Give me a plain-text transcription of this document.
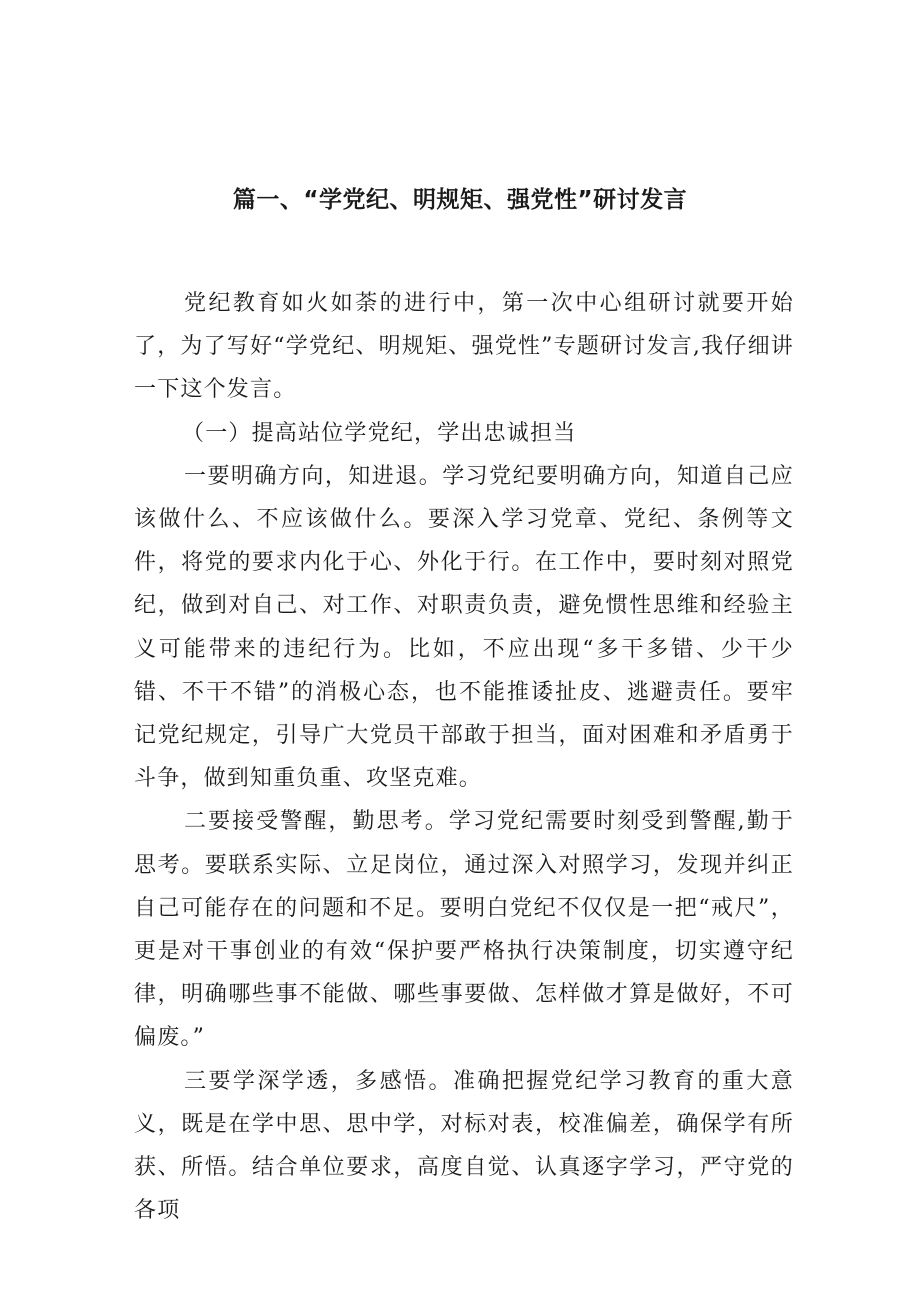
篇一、“学党纪、明规矩、强党性”研讨发言

党纪教育如火如荼的进行中，第一次中心组研讨就要开始了，为了写好“学党纪、明规矩、强党性”专题研讨发言,我仔细讲一下这个发言。

（一）提高站位学党纪，学出忠诚担当

一要明确方向，知进退。学习党纪要明确方向，知道自己应该做什么、不应该做什么。要深入学习党章、党纪、条例等文件，将党的要求内化于心、外化于行。在工作中，要时刻对照党纪，做到对自己、对工作、对职责负责，避免惯性思维和经验主义可能带来的违纪行为。比如，不应出现“多干多错、少干少错、不干不错”的消极心态，也不能推诿扯皮、逃避责任。要牢记党纪规定，引导广大党员干部敢于担当，面对困难和矛盾勇于斗争，做到知重负重、攻坚克难。

二要接受警醒，勤思考。学习党纪需要时刻受到警醒,勤于思考。要联系实际、立足岗位，通过深入对照学习，发现并纠正自己可能存在的问题和不足。要明白党纪不仅仅是一把“戒尺”，更是对干事创业的有效“保护要严格执行决策制度，切实遵守纪律，明确哪些事不能做、哪些事要做、怎样做才算是做好，不可偏废。”

三要学深学透，多感悟。准确把握党纪学习教育的重大意义，既是在学中思、思中学，对标对表，校准偏差，确保学有所获、所悟。结合单位要求，高度自觉、认真逐字学习，严守党的各项
